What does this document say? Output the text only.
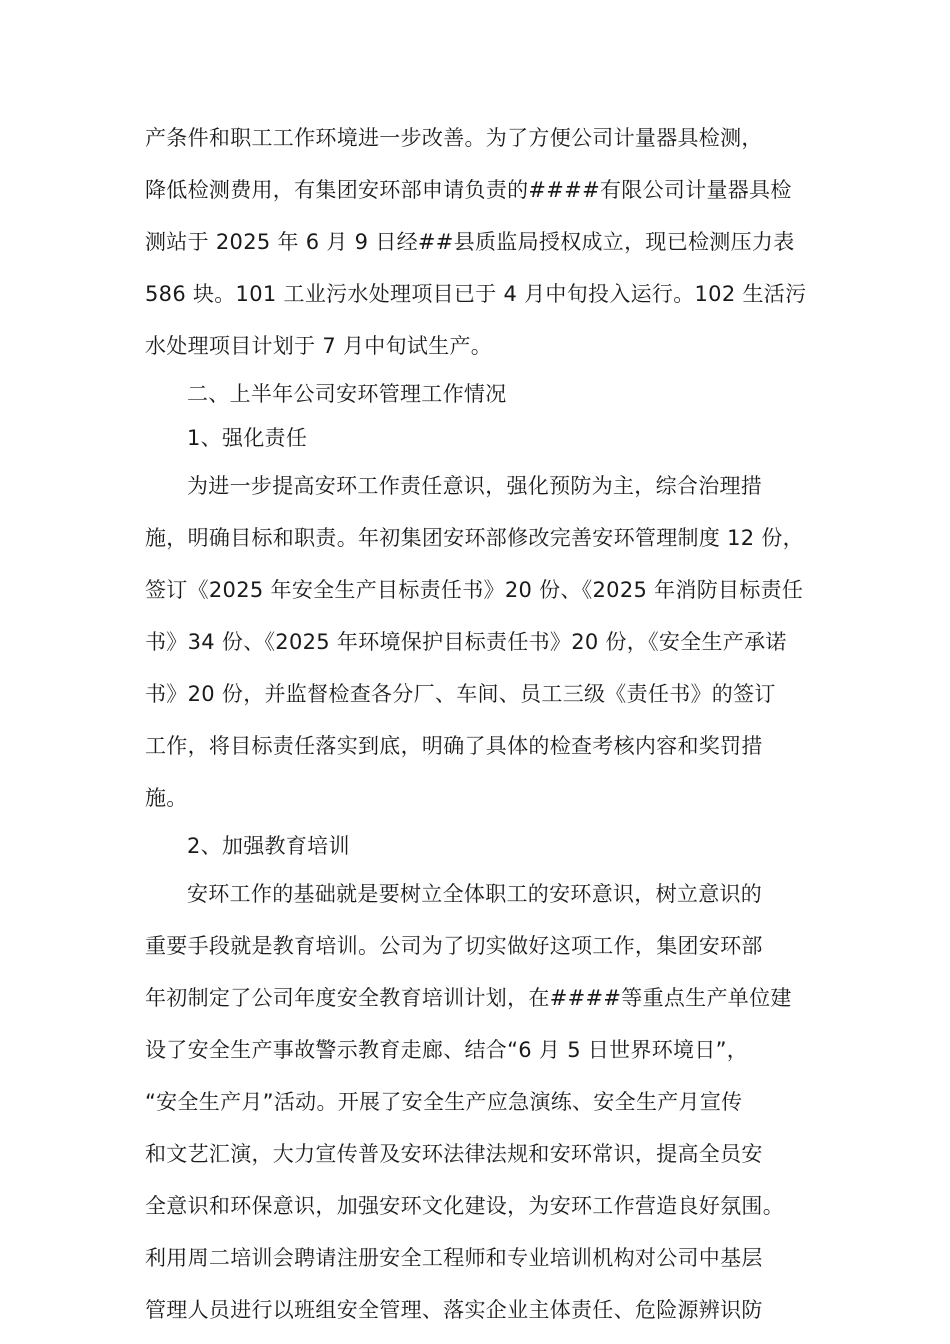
产条件和职工工作环境进一步改善。为了方便公司计量器具检测，
降低检测费用，有集团安环部申请负责的####有限公司计量器具检
测站于 2025 年 6 月 9 日经##县质监局授权成立，现已检测压力表
586 块。101 工业污水处理项目已于 4 月中旬投入运行。102 生活污
水处理项目计划于 7 月中旬试生产。
二、上半年公司安环管理工作情况
1、强化责任
为进一步提高安环工作责任意识，强化预防为主，综合治理措
施，明确目标和职责。年初集团安环部修改完善安环管理制度 12 份，
签订《2025 年安全生产目标责任书》20 份、《2025 年消防目标责任
书》34 份、《2025 年环境保护目标责任书》20 份，《安全生产承诺
书》20 份，并监督检查各分厂、车间、员工三级《责任书》的签订
工作，将目标责任落实到底，明确了具体的检查考核内容和奖罚措
施。
2、加强教育培训
安环工作的基础就是要树立全体职工的安环意识，树立意识的
重要手段就是教育培训。公司为了切实做好这项工作，集团安环部
年初制定了公司年度安全教育培训计划，在####等重点生产单位建
设了安全生产事故警示教育走廊、结合“6 月 5 日世界环境日”，
“安全生产月”活动。开展了安全生产应急演练、安全生产月宣传
和文艺汇演，大力宣传普及安环法律法规和安环常识，提高全员安
全意识和环保意识，加强安环文化建设，为安环工作营造良好氛围。
利用周二培训会聘请注册安全工程师和专业培训机构对公司中基层
管理人员进行以班组安全管理、落实企业主体责任、危险源辨识防
